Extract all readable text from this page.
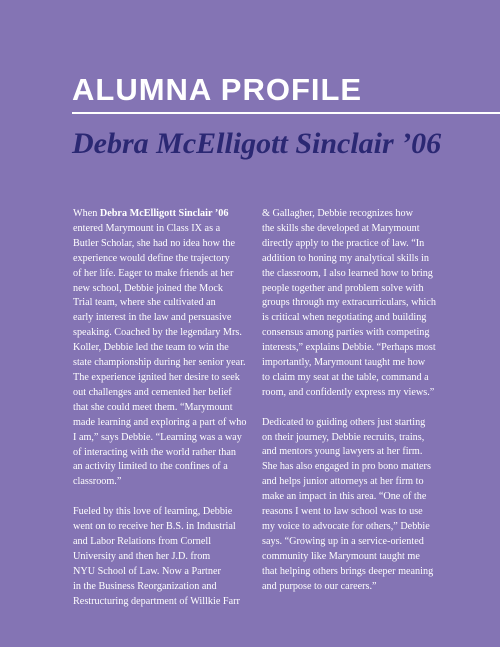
ALUMNA PROFILE
Debra McElligott Sinclair ’06

When Debra McElligott Sinclair ’06
entered Marymount in Class IX as a
Butler Scholar, she had no idea how the
experience would define the trajectory
of her life. Eager to make friends at her
new school, Debbie joined the Mock
Trial team, where she cultivated an
early interest in the law and persuasive
speaking. Coached by the legendary Mrs.
Koller, Debbie led the team to win the
state championship during her senior year.
The experience ignited her desire to seek
out challenges and cemented her belief
that she could meet them. “Marymount
made learning and exploring a part of who
I am,” says Debbie. “Learning was a way
of interacting with the world rather than
an activity limited to the confines of a
classroom.”

Fueled by this love of learning, Debbie
went on to receive her B.S. in Industrial
and Labor Relations from Cornell
University and then her J.D. from
NYU School of Law. Now a Partner
in the Business Reorganization and
Restructuring department of Willkie Farr

& Gallagher, Debbie recognizes how
the skills she developed at Marymount
directly apply to the practice of law. “In
addition to honing my analytical skills in
the classroom, I also learned how to bring
people together and problem solve with
groups through my extracurriculars, which
is critical when negotiating and building
consensus among parties with competing
interests,” explains Debbie. “Perhaps most
importantly, Marymount taught me how
to claim my seat at the table, command a
room, and confidently express my views.”

Dedicated to guiding others just starting
on their journey, Debbie recruits, trains,
and mentors young lawyers at her firm.
She has also engaged in pro bono matters
and helps junior attorneys at her firm to
make an impact in this area. “One of the
reasons I went to law school was to use
my voice to advocate for others,” Debbie
says. “Growing up in a service-oriented
community like Marymount taught me
that helping others brings deeper meaning
and purpose to our careers.”
